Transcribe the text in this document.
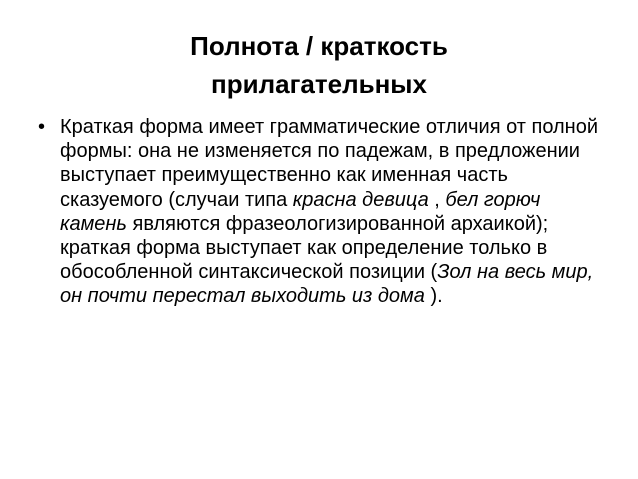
Полнота / краткость
прилагательных
• Краткая форма имеет грамматические отличия от полной формы: она не изменяется по падежам, в предложении выступает преимущественно как именная часть сказуемого (случаи типа красна девица , бел горюч камень являются фразеологизированной архаикой); краткая форма выступает как определение только в обособленной синтаксической позиции (Зол на весь мир, он почти перестал выходить из дома ).
